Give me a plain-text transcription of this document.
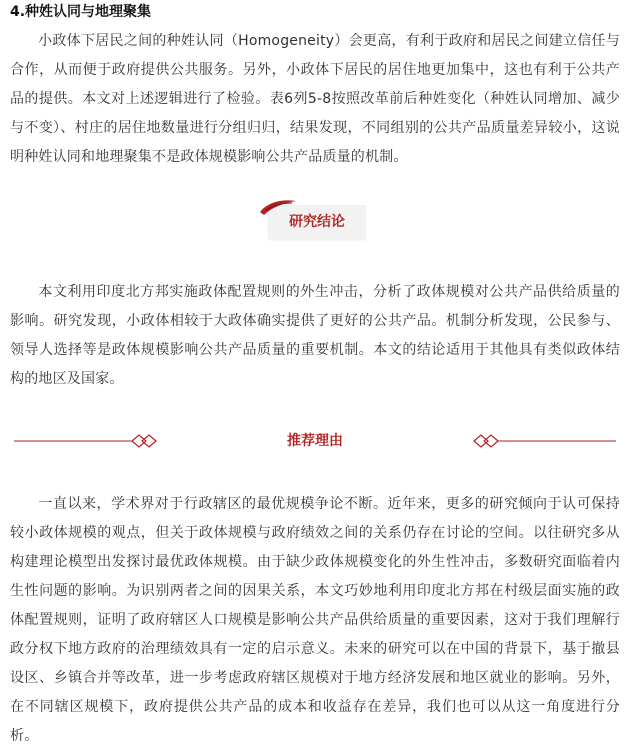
4.种姓认同与地理聚集

小政体下居民之间的种姓认同（Homogeneity）会更高，有利于政府和居民之间建立信任与合作，从而便于政府提供公共服务。另外，小政体下居民的居住地更加集中，这也有利于公共产品的提供。本文对上述逻辑进行了检验。表6列5-8按照改革前后种姓变化（种姓认同增加、减少与不变）、村庄的居住地数量进行分组归归，结果发现，不同组别的公共产品质量差异较小，这说明种姓认同和地理聚集不是政体规模影响公共产品质量的机制。

研究结论

本文利用印度北方邦实施政体配置规则的外生冲击，分析了政体规模对公共产品供给质量的影响。研究发现，小政体相较于大政体确实提供了更好的公共产品。机制分析发现，公民参与、领导人选择等是政体规模影响公共产品质量的重要机制。本文的结论适用于其他具有类似政体结构的地区及国家。

推荐理由

一直以来，学术界对于行政辖区的最优规模争论不断。近年来，更多的研究倾向于认可保持较小政体规模的观点，但关于政体规模与政府绩效之间的关系仍存在讨论的空间。以往研究多从构建理论模型出发探讨最优政体规模。由于缺少政体规模变化的外生性冲击，多数研究面临着内生性问题的影响。为识别两者之间的因果关系，本文巧妙地利用印度北方邦在村级层面实施的政体配置规则，证明了政府辖区人口规模是影响公共产品供给质量的重要因素，这对于我们理解行政分权下地方政府的治理绩效具有一定的启示意义。未来的研究可以在中国的背景下，基于撤县设区、乡镇合并等改革，进一步考虑政府辖区规模对于地方经济发展和地区就业的影响。另外，在不同辖区规模下，政府提供公共产品的成本和收益存在差异，我们也可以从这一角度进行分析。
